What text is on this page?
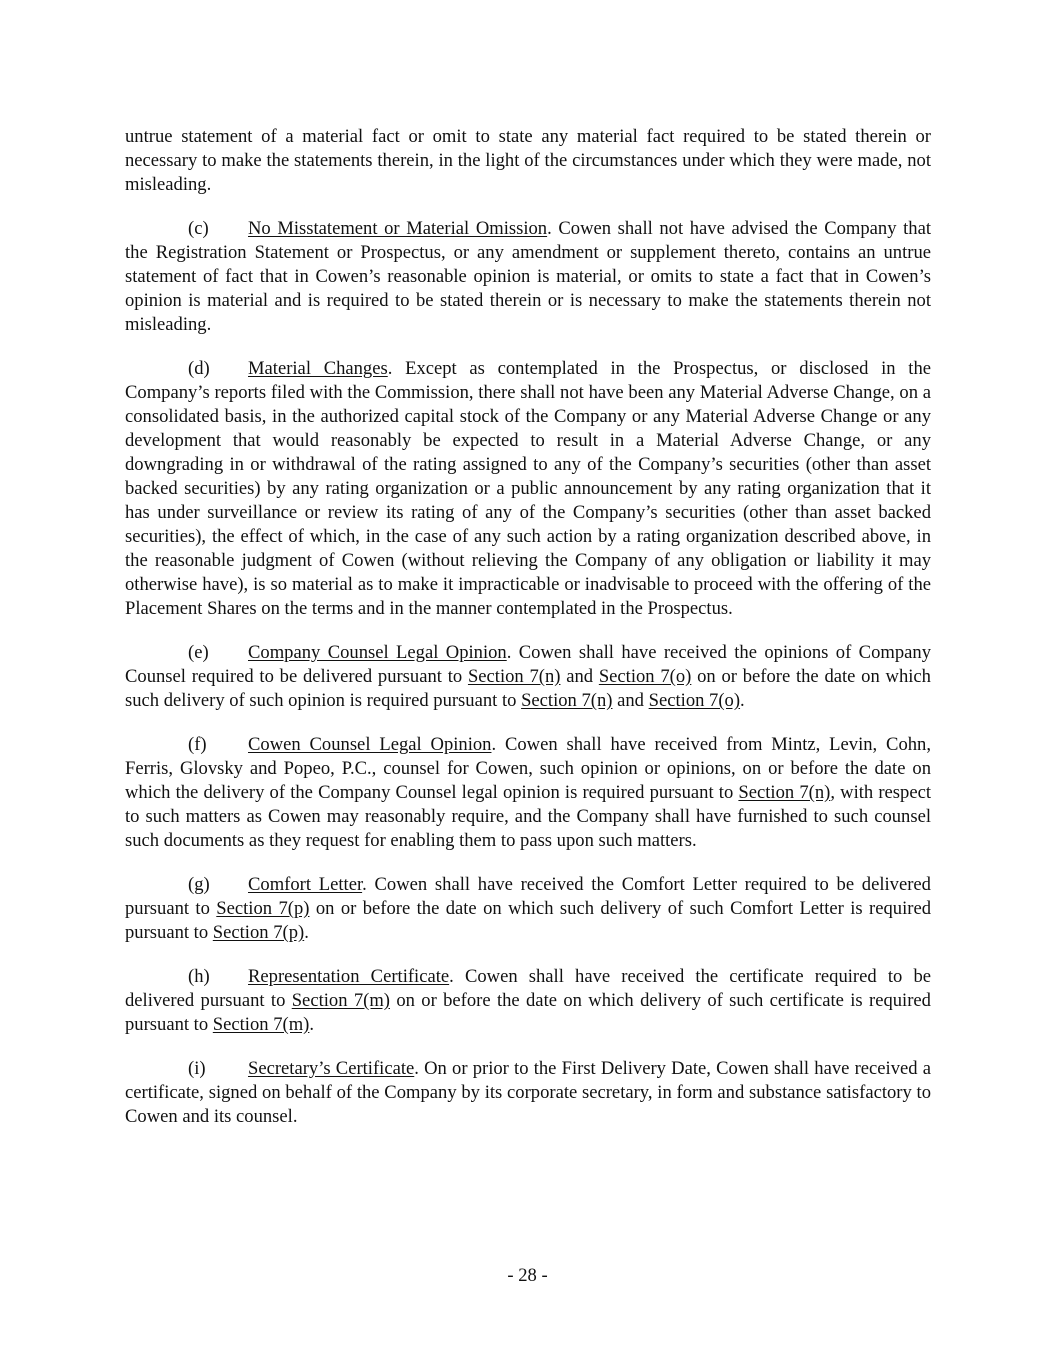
untrue statement of a material fact or omit to state any material fact required to be stated therein or necessary to make the statements therein, in the light of the circumstances under which they were made, not misleading.

(c) No Misstatement or Material Omission. Cowen shall not have advised the Company that the Registration Statement or Prospectus, or any amendment or supplement thereto, contains an untrue statement of fact that in Cowen’s reasonable opinion is material, or omits to state a fact that in Cowen’s opinion is material and is required to be stated therein or is necessary to make the statements therein not misleading.

(d) Material Changes. Except as contemplated in the Prospectus, or disclosed in the Company’s reports filed with the Commission, there shall not have been any Material Adverse Change, on a consolidated basis, in the authorized capital stock of the Company or any Material Adverse Change or any development that would reasonably be expected to result in a Material Adverse Change, or any downgrading in or withdrawal of the rating assigned to any of the Company’s securities (other than asset backed securities) by any rating organization or a public announcement by any rating organization that it has under surveillance or review its rating of any of the Company’s securities (other than asset backed securities), the effect of which, in the case of any such action by a rating organization described above, in the reasonable judgment of Cowen (without relieving the Company of any obligation or liability it may otherwise have), is so material as to make it impracticable or inadvisable to proceed with the offering of the Placement Shares on the terms and in the manner contemplated in the Prospectus.

(e) Company Counsel Legal Opinion. Cowen shall have received the opinions of Company Counsel required to be delivered pursuant to Section 7(n) and Section 7(o) on or before the date on which such delivery of such opinion is required pursuant to Section 7(n) and Section 7(o).

(f) Cowen Counsel Legal Opinion. Cowen shall have received from Mintz, Levin, Cohn, Ferris, Glovsky and Popeo, P.C., counsel for Cowen, such opinion or opinions, on or before the date on which the delivery of the Company Counsel legal opinion is required pursuant to Section 7(n), with respect to such matters as Cowen may reasonably require, and the Company shall have furnished to such counsel such documents as they request for enabling them to pass upon such matters.

(g) Comfort Letter. Cowen shall have received the Comfort Letter required to be delivered pursuant to Section 7(p) on or before the date on which such delivery of such Comfort Letter is required pursuant to Section 7(p).

(h) Representation Certificate. Cowen shall have received the certificate required to be delivered pursuant to Section 7(m) on or before the date on which delivery of such certificate is required pursuant to Section 7(m).

(i) Secretary’s Certificate. On or prior to the First Delivery Date, Cowen shall have received a certificate, signed on behalf of the Company by its corporate secretary, in form and substance satisfactory to Cowen and its counsel.

- 28 -
